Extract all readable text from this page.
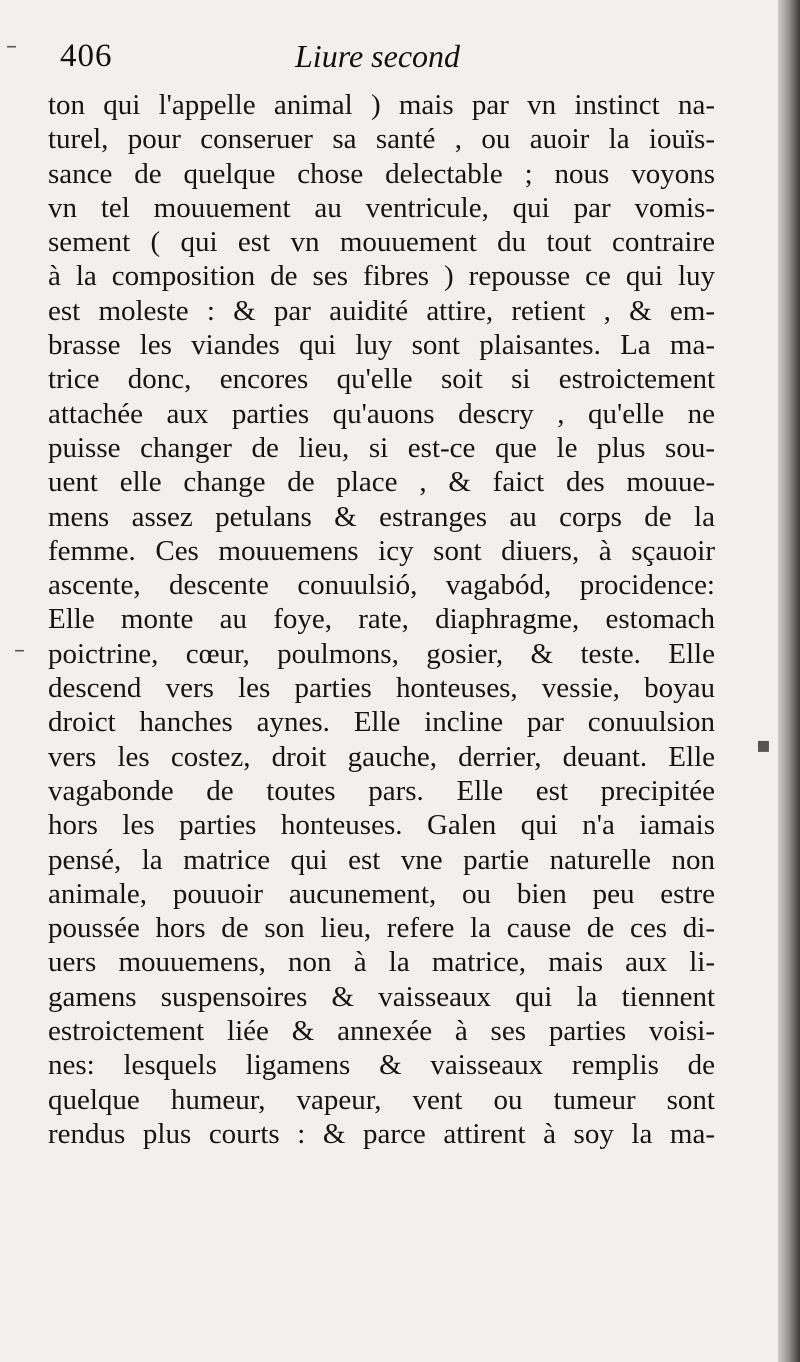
–
–
▪
406	Liure second
ton qui l'appelle animal ) mais par vn instinct na-
turel, pour conseruer sa santé , ou auoir la iouïs-
sance de quelque chose delectable ; nous voyons
vn tel mouuement au ventricule, qui par vomis-
sement ( qui est vn mouuement du tout contraire
à la composition de ses fibres ) repousse ce qui luy
est moleste : & par auidité attire, retient , & em-
brasse les viandes qui luy sont plaisantes. La ma-
trice donc, encores qu'elle soit si estroictement
attachée aux parties qu'auons descry , qu'elle ne
puisse changer de lieu, si est-ce que le plus sou-
uent elle change de place , & faict des mouue-
mens assez petulans & estranges au corps de la
femme. Ces mouuemens icy sont diuers, à sçauoir
ascente, descente conuulsió, vagabód, procidence:
Elle monte au foye, rate, diaphragme, estomach
poictrine, cœur, poulmons, gosier, & teste. Elle
descend vers les parties honteuses, vessie, boyau
droict hanches aynes. Elle incline par conuulsion
vers les costez, droit gauche, derrier, deuant. Elle
vagabonde de toutes pars. Elle est precipitée
hors les parties honteuses. Galen qui n'a iamais
pensé, la matrice qui est vne partie naturelle non
animale, pouuoir aucunement, ou bien peu estre
poussée hors de son lieu, refere la cause de ces di-
uers mouuemens, non à la matrice, mais aux li-
gamens suspensoires & vaisseaux qui la tiennent
estroictement liée & annexée à ses parties voisi-
nes: lesquels ligamens & vaisseaux remplis de
quelque humeur, vapeur, vent ou tumeur sont
rendus plus courts : & parce attirent à soy la ma-
